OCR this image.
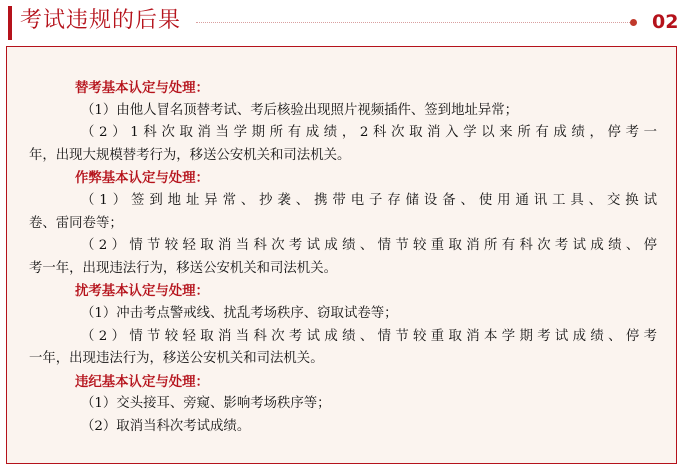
考试违规的后果	02
替考基本认定与处理：
（1）由他人冒名顶替考试、考后核验出现照片视频插件、签到地址异常；
（2）1科次取消当学期所有成绩，2科次取消入学以来所有成绩，停考一
年，出现大规模替考行为，移送公安机关和司法机关。
作弊基本认定与处理：
（1）签到地址异常、抄袭、携带电子存储设备、使用通讯工具、交换试
卷、雷同卷等；
（2）情节较轻取消当科次考试成绩、情节较重取消所有科次考试成绩、停
考一年，出现违法行为，移送公安机关和司法机关。
扰考基本认定与处理：
（1）冲击考点警戒线、扰乱考场秩序、窃取试卷等；
（2）情节较轻取消当科次考试成绩、情节较重取消本学期考试成绩、停考
一年，出现违法行为，移送公安机关和司法机关。
违纪基本认定与处理：
（1）交头接耳、旁窥、影响考场秩序等；
（2）取消当科次考试成绩。
